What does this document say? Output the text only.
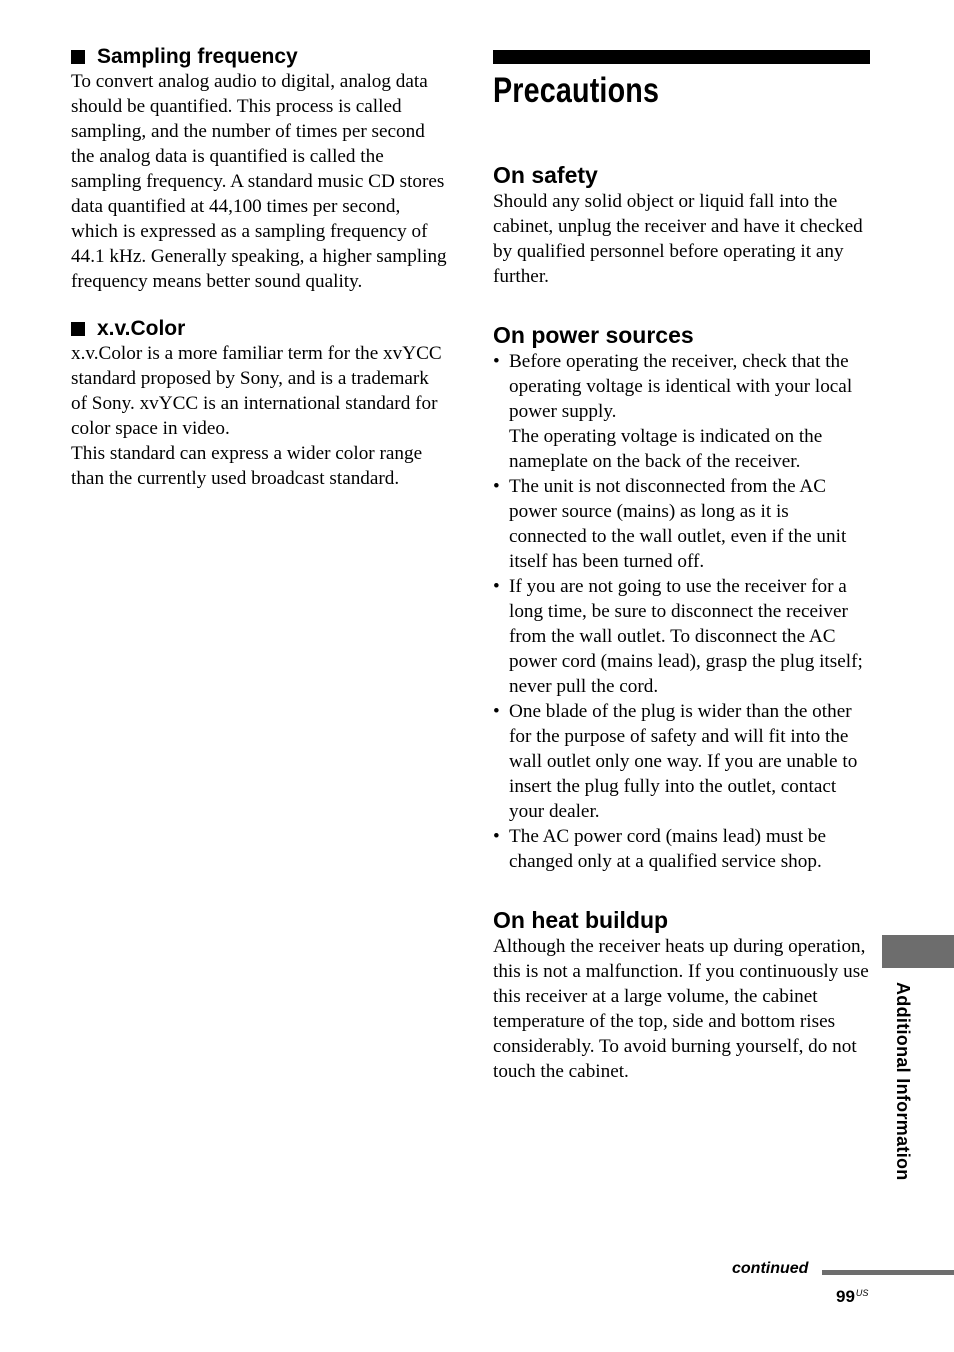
Sampling frequency

To convert analog audio to digital, analog data should be quantified. This process is called sampling, and the number of times per second the analog data is quantified is called the sampling frequency. A standard music CD stores data quantified at 44,100 times per second, which is expressed as a sampling frequency of 44.1 kHz. Generally speaking, a higher sampling frequency means better sound quality.

x.v.Color

x.v.Color is a more familiar term for the xvYCC standard proposed by Sony, and is a trademark of Sony. xvYCC is an international standard for color space in video.

This standard can express a wider color range than the currently used broadcast standard.

Precautions
On safety

Should any solid object or liquid fall into the cabinet, unplug the receiver and have it checked by qualified personnel before operating it any further.

On power sources
• Before operating the receiver, check that the operating voltage is identical with your local power supply.
The operating voltage is indicated on the nameplate on the back of the receiver.
• The unit is not disconnected from the AC power source (mains) as long as it is connected to the wall outlet, even if the unit itself has been turned off.
• If you are not going to use the receiver for a long time, be sure to disconnect the receiver from the wall outlet. To disconnect the AC power cord (mains lead), grasp the plug itself; never pull the cord.
• One blade of the plug is wider than the other for the purpose of safety and will fit into the wall outlet only one way. If you are unable to insert the plug fully into the outlet, contact your dealer.
• The AC power cord (mains lead) must be changed only at a qualified service shop.
On heat buildup

Although the receiver heats up during operation, this is not a malfunction. If you continuously use this receiver at a large volume, the cabinet temperature of the top, side and bottom rises considerably. To avoid burning yourself, do not touch the cabinet.	Additional Information
continued
$99^{US}$
